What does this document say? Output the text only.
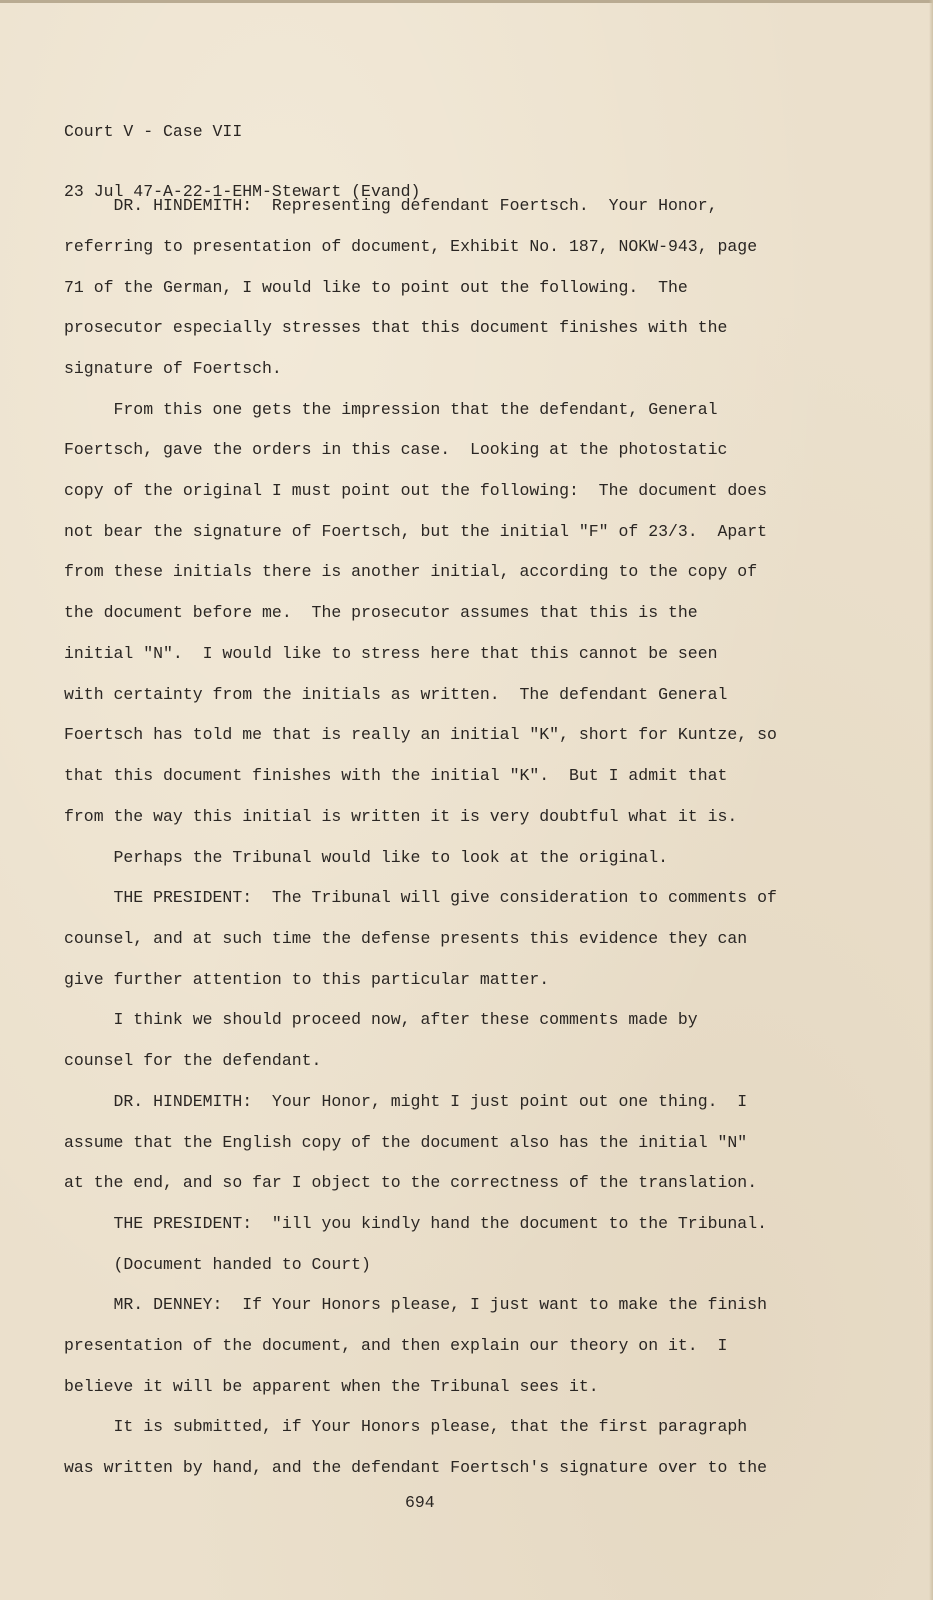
Court V - Case VII

23 Jul 47-A-22-1-EHM-Stewart (Evand)

DR. HINDEMITH:  Representing defendant Foertsch.  Your Honor,

referring to presentation of document, Exhibit No. 187, NOKW-943, page

71 of the German, I would like to point out the following.  The

prosecutor especially stresses that this document finishes with the

signature of Foertsch.

From this one gets the impression that the defendant, General

Foertsch, gave the orders in this case.  Looking at the photostatic

copy of the original I must point out the following:  The document does

not bear the signature of Foertsch, but the initial "F" of 23/3.  Apart

from these initials there is another initial, according to the copy of

the document before me.  The prosecutor assumes that this is the

initial "N".  I would like to stress here that this cannot be seen

with certainty from the initials as written.  The defendant General

Foertsch has told me that is really an initial "K", short for Kuntze, so

that this document finishes with the initial "K".  But I admit that

from the way this initial is written it is very doubtful what it is.

Perhaps the Tribunal would like to look at the original.

THE PRESIDENT:  The Tribunal will give consideration to comments of

counsel, and at such time the defense presents this evidence they can

give further attention to this particular matter.

I think we should proceed now, after these comments made by

counsel for the defendant.

DR. HINDEMITH:  Your Honor, might I just point out one thing.  I

assume that the English copy of the document also has the initial "N"

at the end, and so far I object to the correctness of the translation.

THE PRESIDENT:  "ill you kindly hand the document to the Tribunal.

(Document handed to Court)

MR. DENNEY:  If Your Honors please, I just want to make the finish

presentation of the document, and then explain our theory on it.  I

believe it will be apparent when the Tribunal sees it.

It is submitted, if Your Honors please, that the first paragraph

was written by hand, and the defendant Foertsch's signature over to the

694
